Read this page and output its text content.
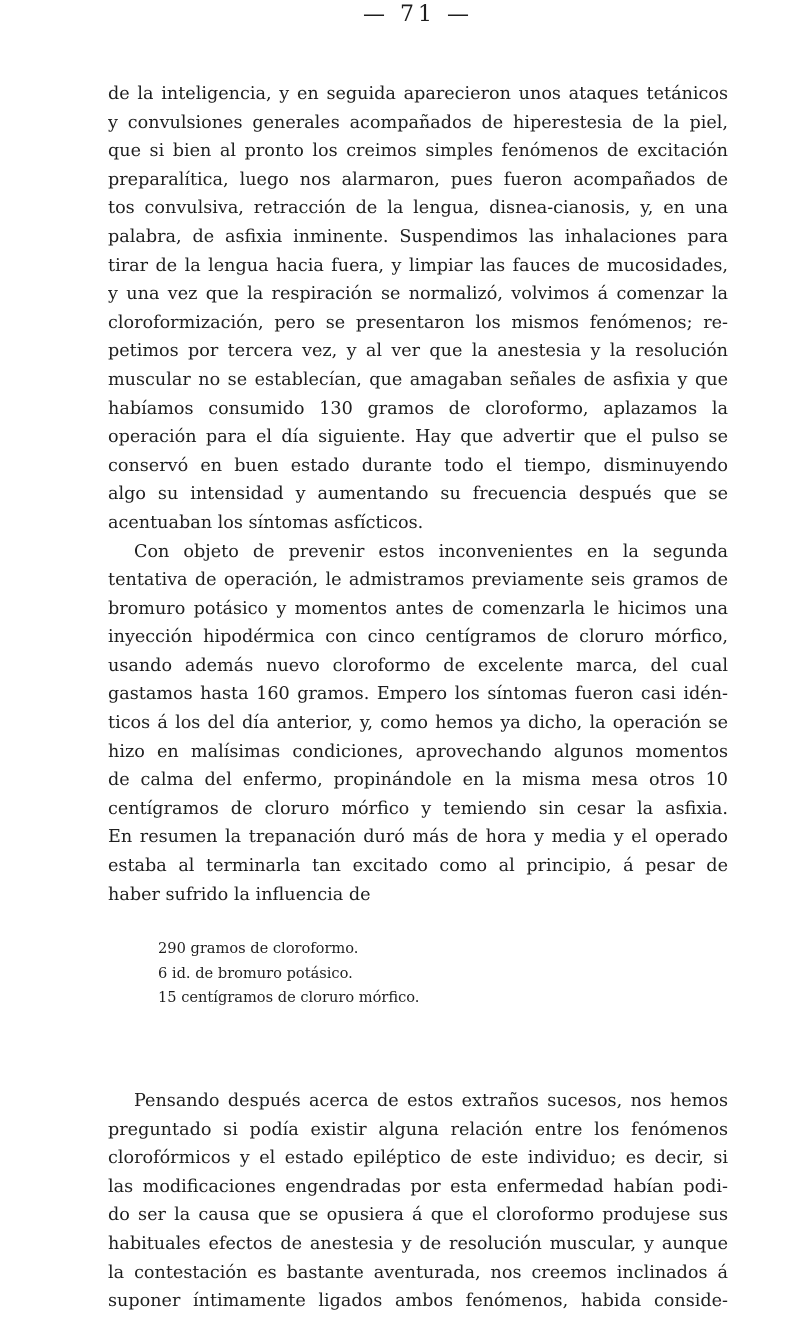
— 71 —
de la inteligencia, y en seguida aparecieron unos ataques tetánicos
y convulsiones generales acompañados de hiperestesia de la piel,
que si bien al pronto los creimos simples fenómenos de excitación
preparalítica, luego nos alarmaron, pues fueron acompañados de
tos convulsiva, retracción de la lengua, disnea-cianosis, y, en una
palabra, de asfixia inminente. Suspendimos las inhalaciones para
tirar de la lengua hacia fuera, y limpiar las fauces de mucosidades,
y una vez que la respiración se normalizó, volvimos á comenzar la
cloroformización, pero se presentaron los mismos fenómenos; re-
petimos por tercera vez, y al ver que la anestesia y la resolución
muscular no se establecían, que amagaban señales de asfixia y que
habíamos consumido 130 gramos de cloroformo, aplazamos la
operación para el día siguiente. Hay que advertir que el pulso se
conservó en buen estado durante todo el tiempo, disminuyendo
algo su intensidad y aumentando su frecuencia después que se
acentuaban los síntomas asfícticos.
Con objeto de prevenir estos inconvenientes en la segunda
tentativa de operación, le admistramos previamente seis gramos de
bromuro potásico y momentos antes de comenzarla le hicimos una
inyección hipodérmica con cinco centígramos de cloruro mórfico,
usando además nuevo cloroformo de excelente marca, del cual
gastamos hasta 160 gramos. Empero los síntomas fueron casi idén-
ticos á los del día anterior, y, como hemos ya dicho, la operación se
hizo en malísimas condiciones, aprovechando algunos momentos
de calma del enfermo, propinándole en la misma mesa otros 10
centígramos de cloruro mórfico y temiendo sin cesar la asfixia.
En resumen la trepanación duró más de hora y media y el operado
estaba al terminarla tan excitado como al principio, á pesar de
haber sufrido la influencia de
290 gramos de cloroformo.
6 id. de bromuro potásico.
15 centígramos de cloruro mórfico.
Pensando después acerca de estos extraños sucesos, nos hemos
preguntado si podía existir alguna relación entre los fenómenos
clorofórmicos y el estado epiléptico de este individuo; es decir, si
las modificaciones engendradas por esta enfermedad habían podi-
do ser la causa que se opusiera á que el cloroformo produjese sus
habituales efectos de anestesia y de resolución muscular, y aunque
la contestación es bastante aventurada, nos creemos inclinados á
suponer íntimamente ligados ambos fenómenos, habida conside-
